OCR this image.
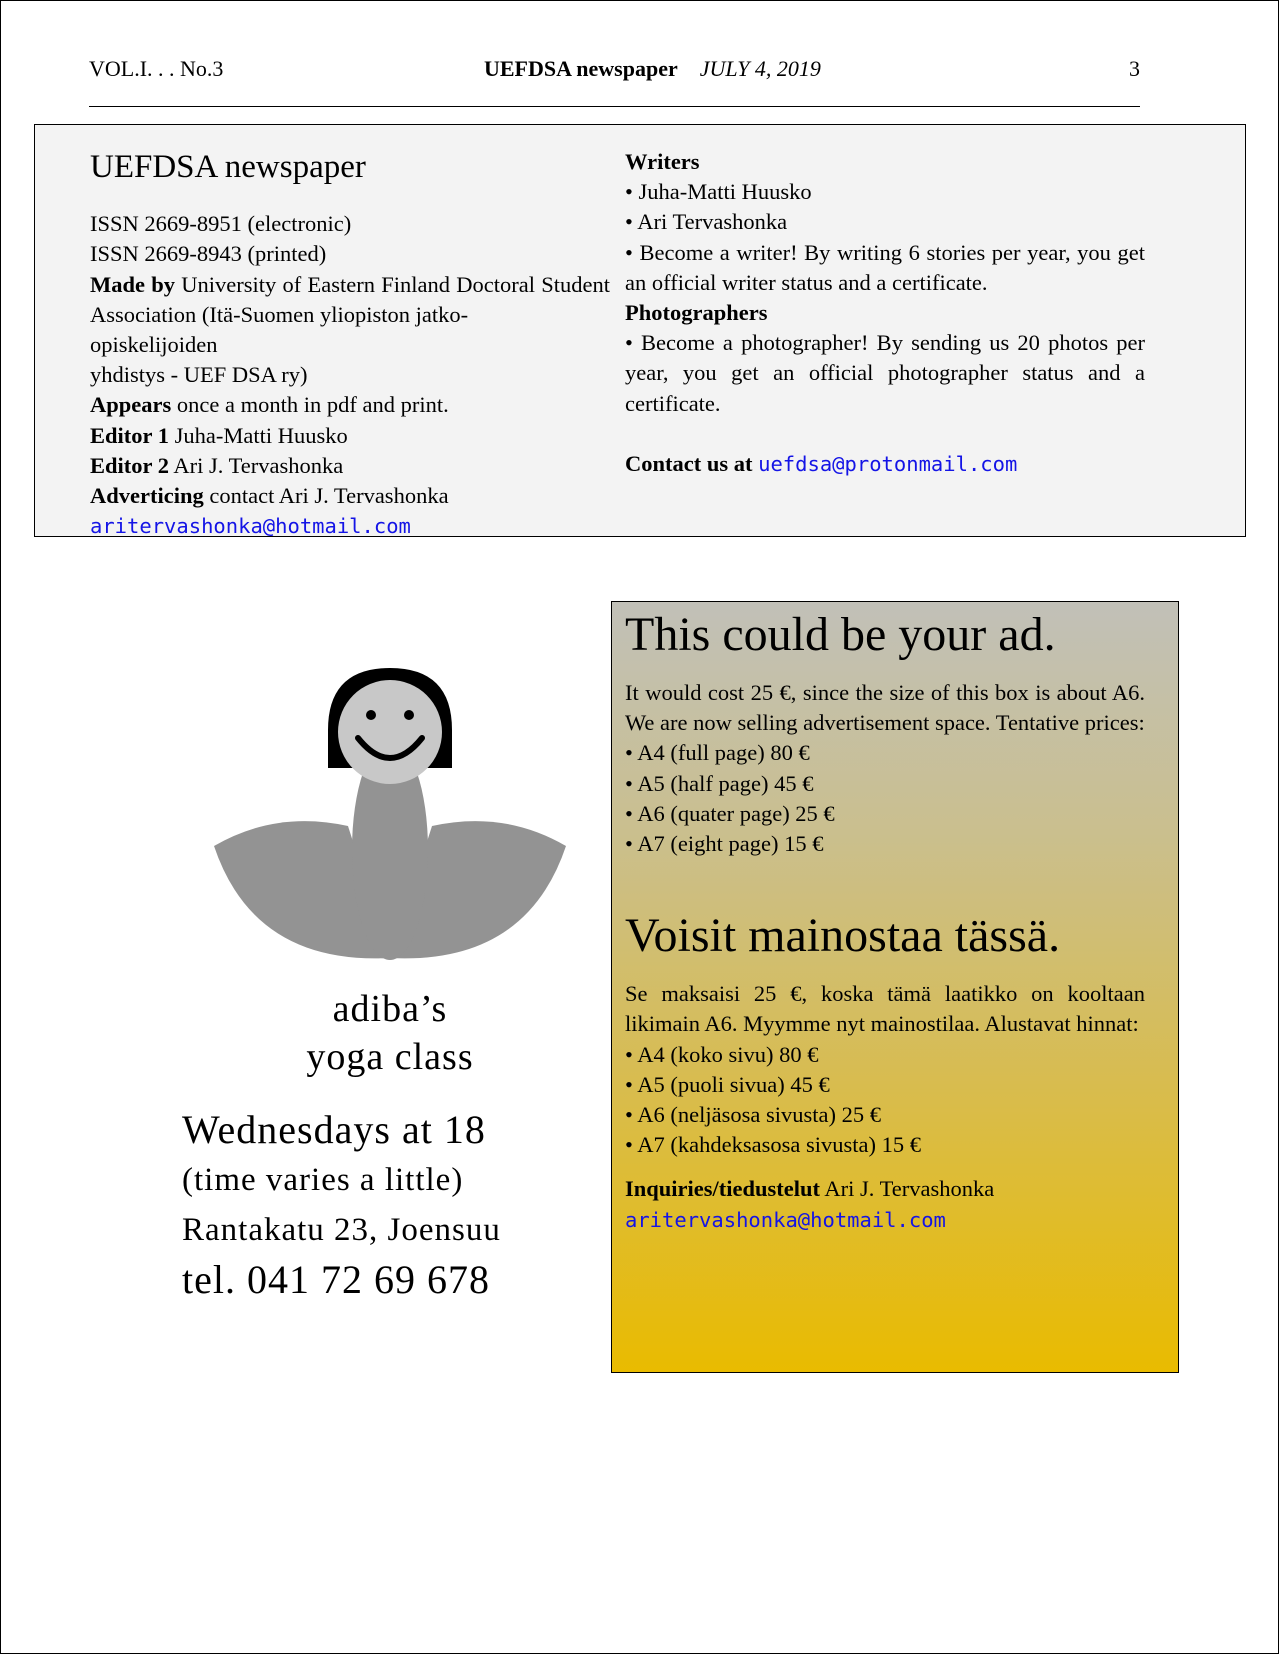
VOL.I. . . No.3	UEFDSA newspaper JULY 4, 2019	3
UEFDSA newspaper

ISSN 2669-8951 (electronic)
ISSN 2669-8943 (printed)

Made by University of Eastern Finland Doctoral Student Association (Itä-Suomen yliopiston jatko-
opiskelijoiden
yhdistys - UEF DSA ry)
Appears once a month in pdf and print.
Editor 1 Juha-Matti Huusko
Editor 2 Ari J. Tervashonka
Adverticing contact Ari J. Tervashonka
aritervashonka@hotmail.com
Writers
• Juha-Matti Huusko
• Ari Tervashonka

• Become a writer! By writing 6 stories per year, you get an official writer status and a certificate.
Photographers

• Become a photographer! By sending us 20 photos per year, you get an official photographer status and a certificate.
Contact us at uefdsa@protonmail.com
adiba’s
yoga class
Wednesdays at 18
(time varies a little)
Rantakatu 23, Joensuu
tel. 041 72 69 678
This could be your ad.
It would cost 25 €, since the size of this box is about A6. We are now selling advertisement space. Tentative prices:
• A4 (full page) 80 €
• A5 (half page) 45 €
• A6 (quater page) 25 €
• A7 (eight page) 15 €
Voisit mainostaa tässä.
Se maksaisi 25 €, koska tämä laatikko on kooltaan likimain A6. Myymme nyt mainostilaa. Alustavat hinnat:
• A4 (koko sivu) 80 €
• A5 (puoli sivua) 45 €
• A6 (neljäsosa sivusta) 25 €
• A7 (kahdeksasosa sivusta) 15 €
Inquiries/tiedustelut Ari J. Tervashonka
aritervashonka@hotmail.com
